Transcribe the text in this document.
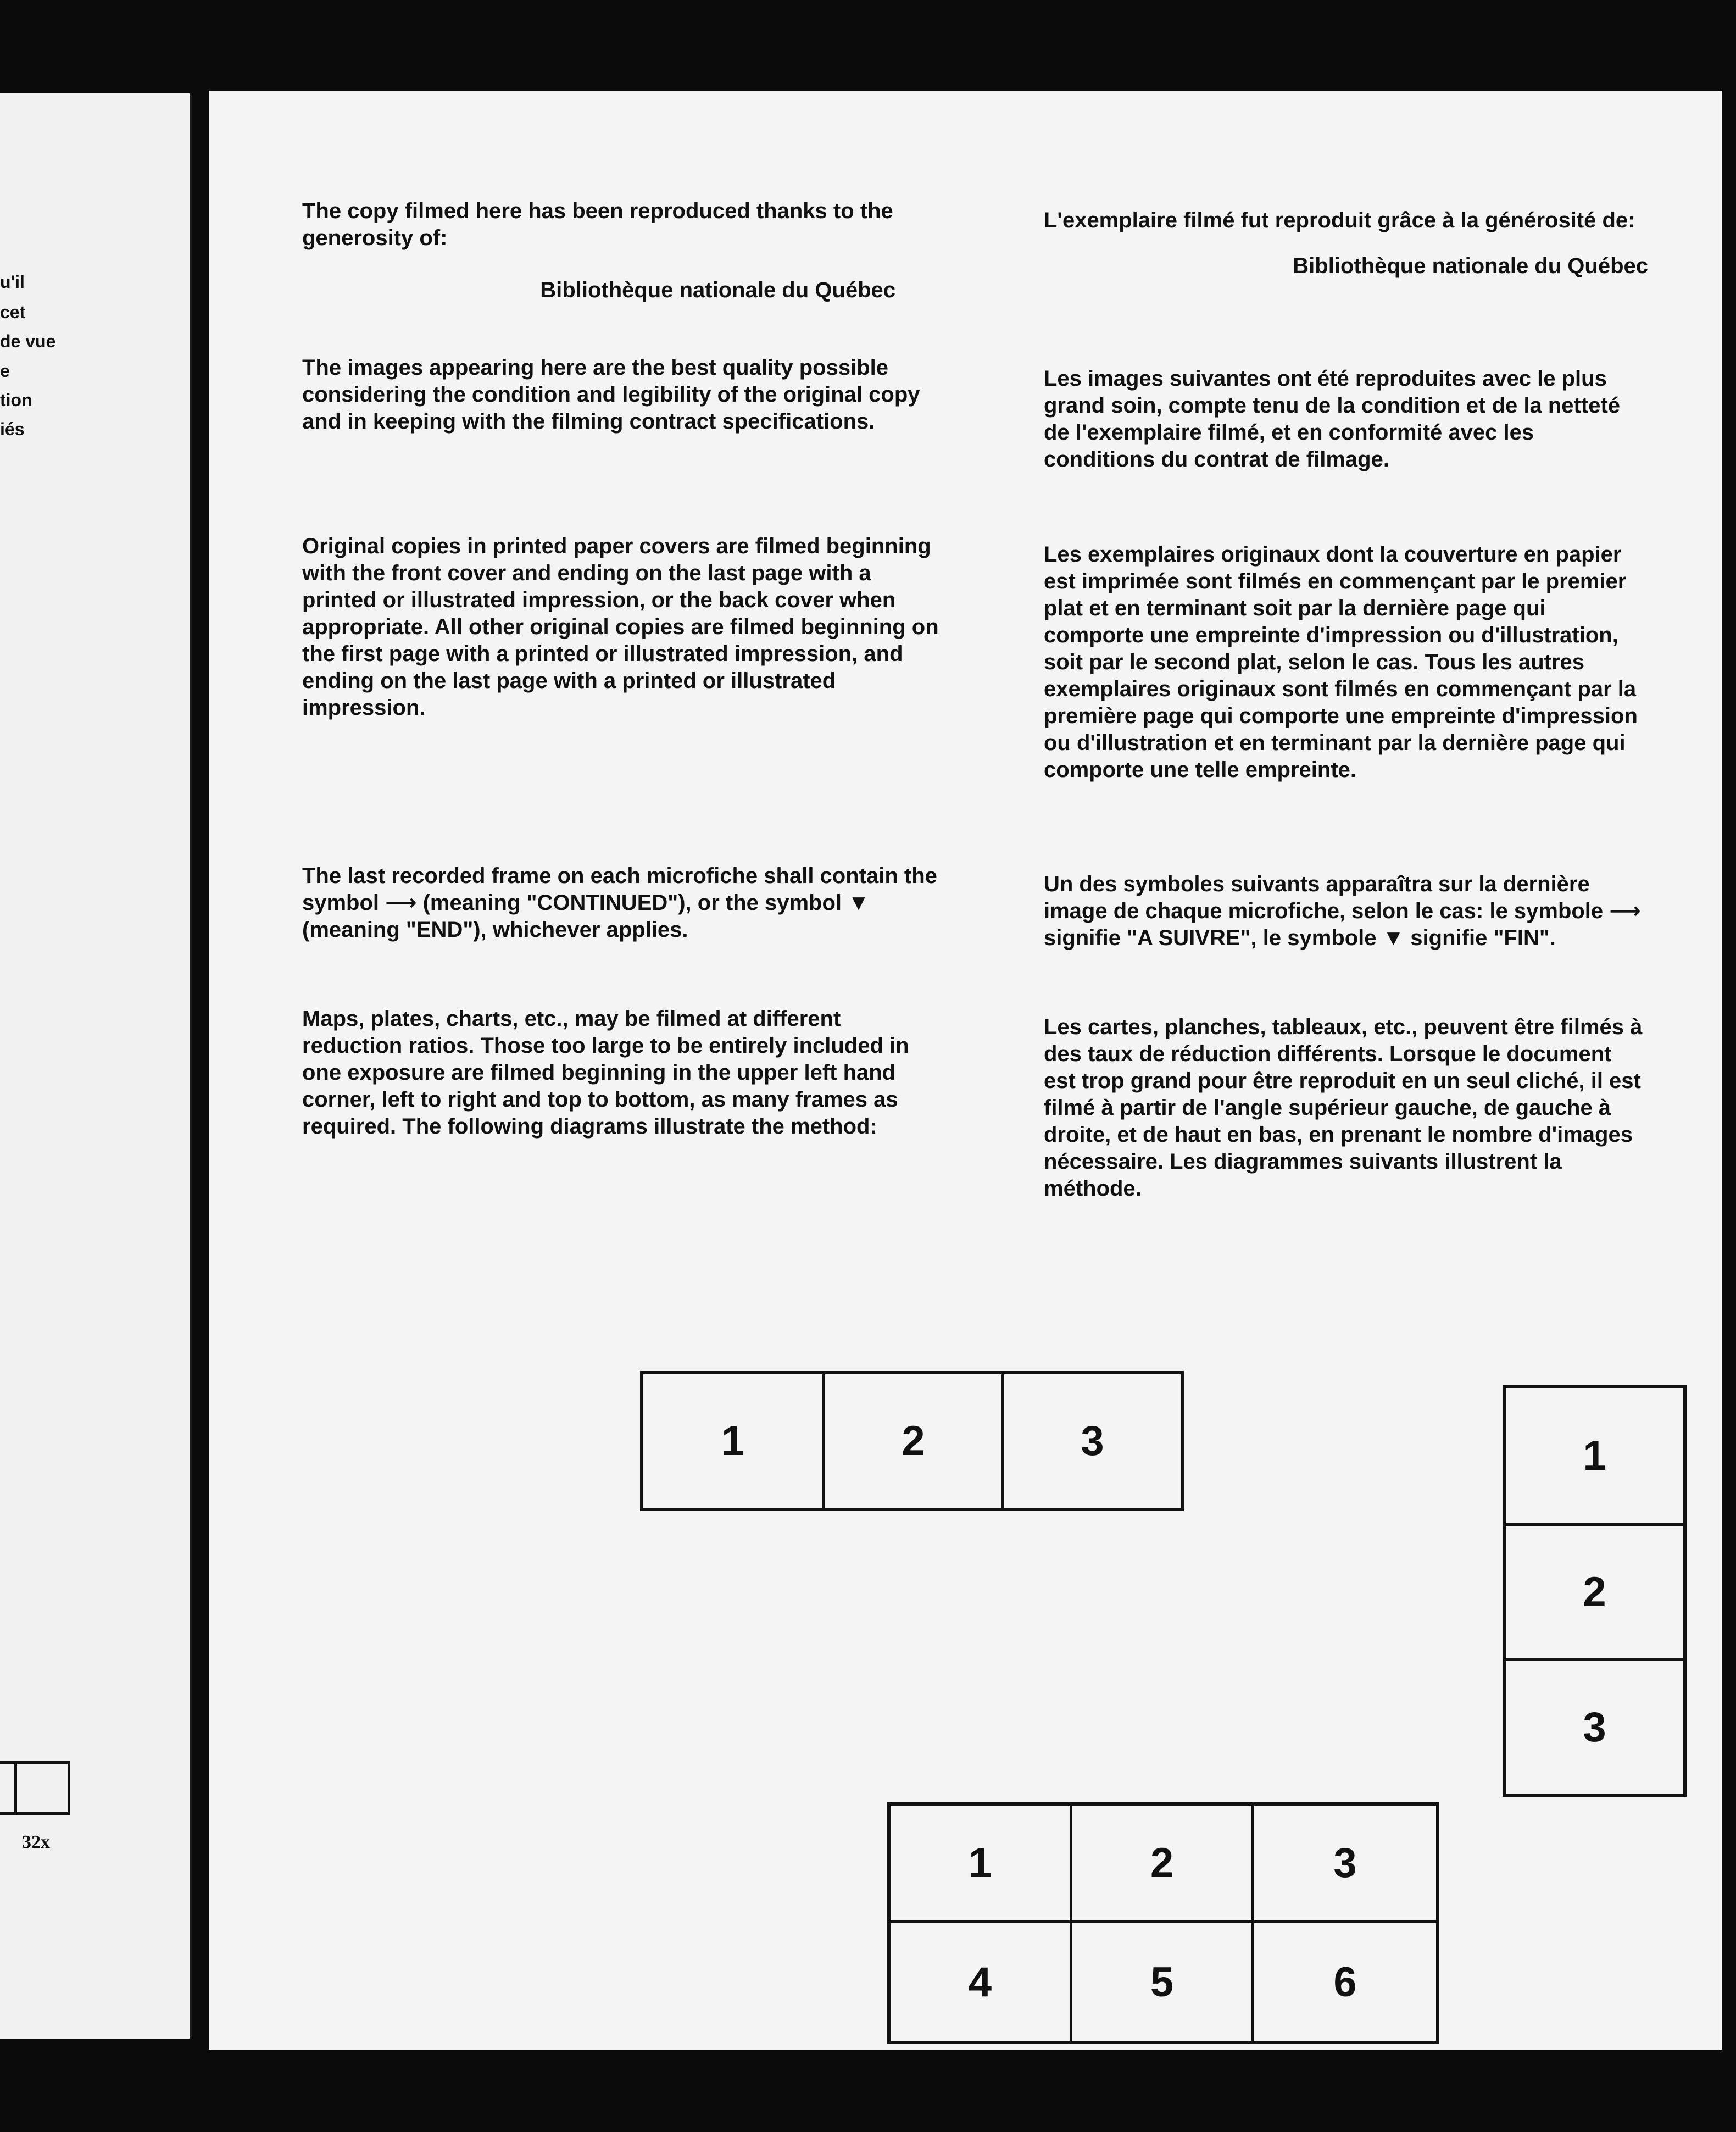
u'il
cet
de vue
e
tion
iés
32x

The copy filmed here has been reproduced thanks to the generosity of:

Bibliothèque nationale du Québec

The images appearing here are the best quality possible considering the condition and legibility of the original copy and in keeping with the filming contract specifications.
Original copies in printed paper covers are filmed beginning with the front cover and ending on the last page with a printed or illustrated impression, or the back cover when appropriate. All other original copies are filmed beginning on the first page with a printed or illustrated impression, and ending on the last page with a printed or illustrated impression.
The last recorded frame on each microfiche shall contain the symbol ⟶ (meaning "CONTINUED"), or the symbol ▼ (meaning "END"), whichever applies.
Maps, plates, charts, etc., may be filmed at different reduction ratios. Those too large to be entirely included in one exposure are filmed beginning in the upper left hand corner, left to right and top to bottom, as many frames as required. The following diagrams illustrate the method:

L'exemplaire filmé fut reproduit grâce à la générosité de:

Bibliothèque nationale du Québec

Les images suivantes ont été reproduites avec le plus grand soin, compte tenu de la condition et de la netteté de l'exemplaire filmé, et en conformité avec les conditions du contrat de filmage.
Les exemplaires originaux dont la couverture en papier est imprimée sont filmés en commençant par le premier plat et en terminant soit par la dernière page qui comporte une empreinte d'impression ou d'illustration, soit par le second plat, selon le cas. Tous les autres exemplaires originaux sont filmés en commençant par la première page qui comporte une empreinte d'impression ou d'illustration et en terminant par la dernière page qui comporte une telle empreinte.
Un des symboles suivants apparaîtra sur la dernière image de chaque microfiche, selon le cas: le symbole ⟶ signifie "A SUIVRE", le symbole ▼ signifie "FIN".
Les cartes, planches, tableaux, etc., peuvent être filmés à des taux de réduction différents. Lorsque le document est trop grand pour être reproduit en un seul cliché, il est filmé à partir de l'angle supérieur gauche, de gauche à droite, et de haut en bas, en prenant le nombre d'images nécessaire. Les diagrammes suivants illustrent la méthode.
1	2	3	1
2
3
1	2	3
4	5	6
